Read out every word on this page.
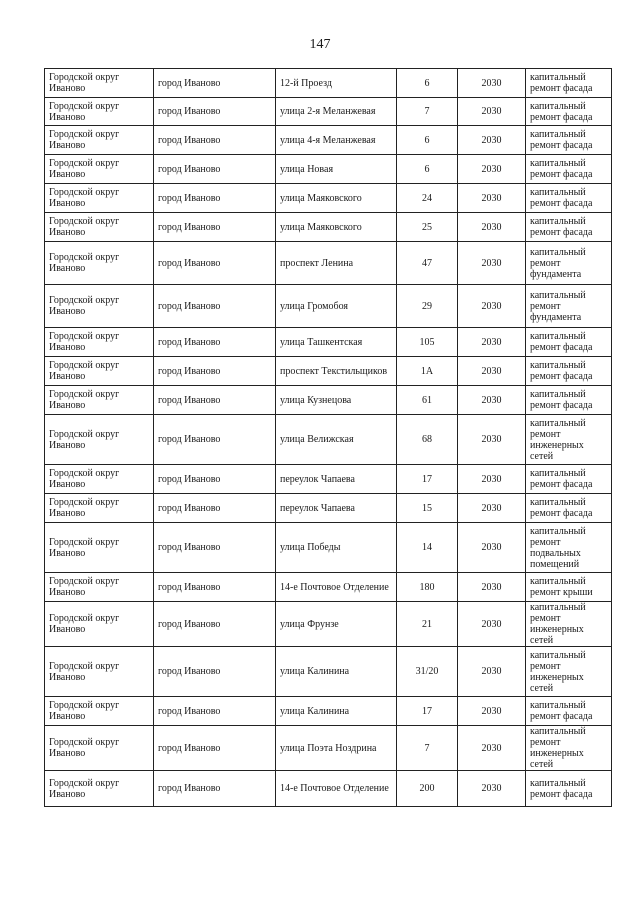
147
Городской округ Иваново	город Иваново	12-й Проезд	6	2030	капитальный ремонт фасада
Городской округ Иваново	город Иваново	улица 2-я Меланжевая	7	2030	капитальный ремонт фасада
Городской округ Иваново	город Иваново	улица 4-я Меланжевая	6	2030	капитальный ремонт фасада
Городской округ Иваново	город Иваново	улица Новая	6	2030	капитальный ремонт фасада
Городской округ Иваново	город Иваново	улица Маяковского	24	2030	капитальный ремонт фасада
Городской округ Иваново	город Иваново	улица Маяковского	25	2030	капитальный ремонт фасада
Городской округ Иваново	город Иваново	проспект Ленина	47	2030	капитальный ремонт фундамента
Городской округ Иваново	город Иваново	улица Громобоя	29	2030	капитальный ремонт фундамента
Городской округ Иваново	город Иваново	улица Ташкентская	105	2030	капитальный ремонт фасада
Городской округ Иваново	город Иваново	проспект Текстильщиков	1А	2030	капитальный ремонт фасада
Городской округ Иваново	город Иваново	улица Кузнецова	61	2030	капитальный ремонт фасада
Городской округ Иваново	город Иваново	улица Велижская	68	2030	капитальный ремонт инженерных сетей
Городской округ Иваново	город Иваново	переулок Чапаева	17	2030	капитальный ремонт фасада
Городской округ Иваново	город Иваново	переулок Чапаева	15	2030	капитальный ремонт фасада
Городской округ Иваново	город Иваново	улица Победы	14	2030	капитальный ремонт подвальных помещений
Городской округ Иваново	город Иваново	14-е Почтовое Отделение	180	2030	капитальный ремонт крыши
Городской округ Иваново	город Иваново	улица Фрунзе	21	2030	капитальный ремонт инженерных сетей
Городской округ Иваново	город Иваново	улица Калинина	31/20	2030	капитальный ремонт инженерных сетей
Городской округ Иваново	город Иваново	улица Калинина	17	2030	капитальный ремонт фасада
Городской округ Иваново	город Иваново	улица Поэта Ноздрина	7	2030	капитальный ремонт инженерных сетей
Городской округ Иваново	город Иваново	14-е Почтовое Отделение	200	2030	капитальный ремонт фасада
